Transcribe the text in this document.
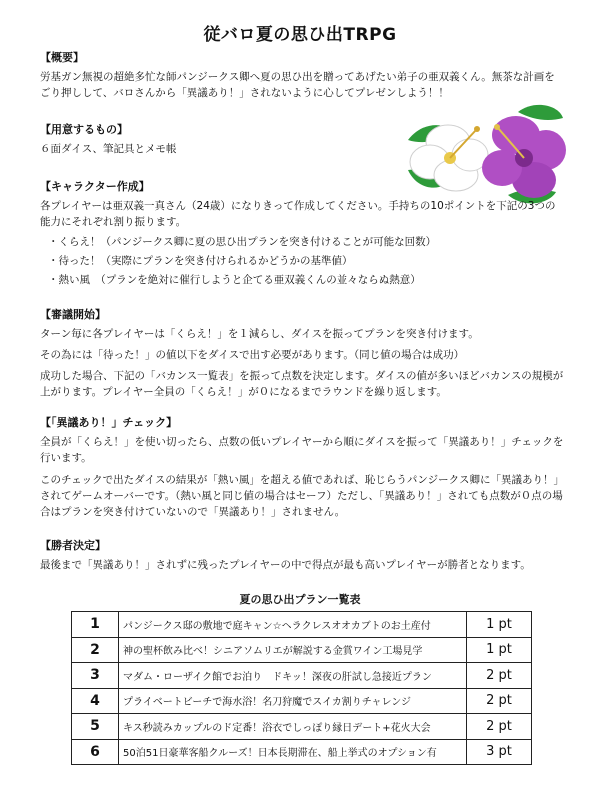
従バロ夏の思ひ出TRPG
【概要】

労基ガン無視の超絶多忙な師パンジークス卿へ夏の思ひ出を贈ってあげたい弟子の亜双義くん。無茶な計画をごり押しして、バロさんから「異議あり！」されないように心してプレゼンしよう！！

【用意するもの】

６面ダイス、筆記具とメモ帳

【キャラクター作成】

各プレイヤーは亜双義一真さん（24歳）になりきって作成してください。手持ちの10ポイントを下記の3つの能力にそれぞれ割り振ります。

・くらえ！（パンジークス卿に夏の思ひ出プランを突き付けることが可能な回数）

・待った！（実際にプランを突き付けられるかどうかの基準値）

・熱い風　（プランを絶対に催行しようと企てる亜双義くんの並々ならぬ熱意）

【審議開始】

ターン毎に各プレイヤーは「くらえ！」を１減らし、ダイスを振ってプランを突き付けます。

その為には「待った！」の値以下をダイスで出す必要があります。（同じ値の場合は成功）

成功した場合、下記の「バカンス一覧表」を振って点数を決定します。ダイスの値が多いほどバカンスの規模が上がります。プレイヤー全員の「くらえ！」が０になるまでラウンドを繰り返します。

【「異議あり！」チェック】

全員が「くらえ！」を使い切ったら、点数の低いプレイヤーから順にダイスを振って「異議あり！」チェックを行います。

このチェックで出たダイスの結果が「熱い風」を超える値であれば、恥じらうパンジークス卿に「異議あり！」されてゲームオーバーです。（熱い風と同じ値の場合はセーフ）ただし、「異議あり！」されても点数が０点の場合はプランを突き付けていないので「異議あり！」されません。

【勝者決定】

最後まで「異議あり！」されずに残ったプレイヤーの中で得点が最も高いプレイヤーが勝者となります。

夏の思ひ出プラン一覧表
1	パンジークス邸の敷地で庭キャン☆ヘラクレスオオカブトのお土産付	1 pt
2	神の聖杯飲み比べ！シニアソムリエが解説する金賞ワイン工場見学	1 pt
3	マダム・ローザイク館でお泊り　ドキッ！深夜の肝試し急接近プラン	2 pt
4	プライベートビーチで海水浴！名刀狩魔でスイカ割りチャレンジ	2 pt
5	キス秒読みカップルのド定番！浴衣でしっぽり縁日デート+花火大会	2 pt
6	50泊51日豪華客船クルーズ！日本長期滞在、船上挙式のオプション有	3 pt
